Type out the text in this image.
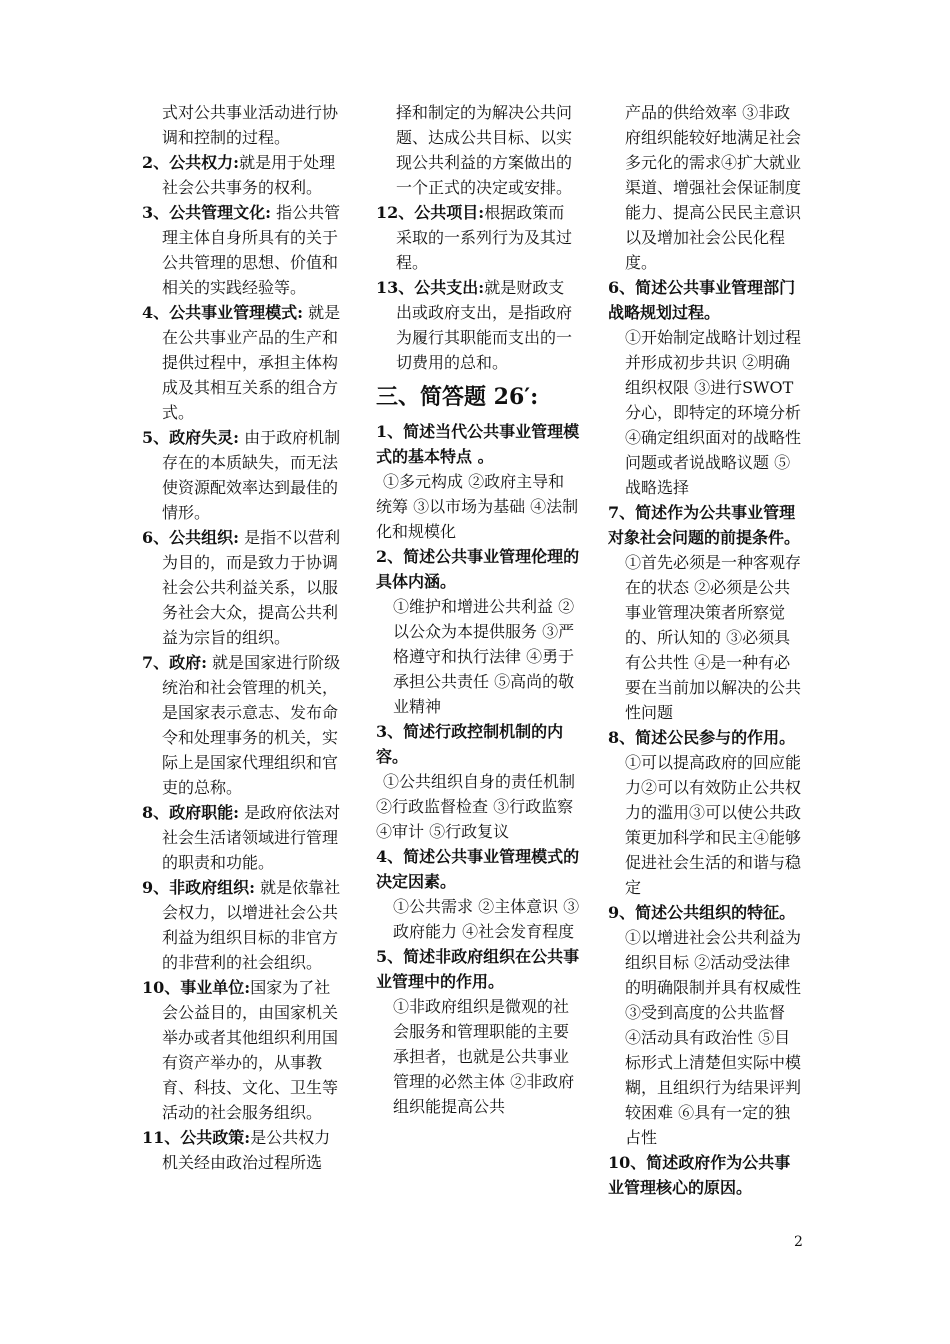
式对公共事业活动进行协调和控制的过程。

2、公共权力:就是用于处理社会公共事务的权利。

3、公共管理文化: 指公共管理主体自身所具有的关于公共管理的思想、价值和相关的实践经验等。

4、公共事业管理模式: 就是在公共事业产品的生产和提供过程中，承担主体构成及其相互关系的组合方式。

5、政府失灵: 由于政府机制存在的本质缺失，而无法使资源配效率达到最佳的情形。

6、公共组织: 是指不以营利为目的，而是致力于协调社会公共利益关系，以服务社会大众，提高公共利益为宗旨的组织。

7、政府: 就是国家进行阶级统治和社会管理的机关，是国家表示意志、发布命令和处理事务的机关，实际上是国家代理组织和官吏的总称。

8、政府职能: 是政府依法对社会生活诸领域进行管理的职责和功能。

9、非政府组织: 就是依靠社会权力，以增进社会公共利益为组织目标的非官方的非营利的社会组织。

10、事业单位:国家为了社会公益目的，由国家机关举办或者其他组织利用国有资产举办的，从事教育、科技、文化、卫生等活动的社会服务组织。

11、公共政策:是公共权力机关经由政治过程所选

择和制定的为解决公共问题、达成公共目标、以实现公共利益的方案做出的一个正式的决定或安排。

12、公共项目:根据政策而采取的一系列行为及其过程。

13、公共支出:就是财政支出或政府支出，是指政府为履行其职能而支出的一切费用的总和。

三、简答题 26′:

1、简述当代公共事业管理模式的基本特点 。

①多元构成 ②政府主导和统筹 ③以市场为基础 ④法制化和规模化

2、简述公共事业管理伦理的具体内涵。

①维护和增进公共利益 ②以公众为本提供服务 ③严格遵守和执行法律 ④勇于承担公共责任 ⑤高尚的敬业精神

3、简述行政控制机制的内容。

①公共组织自身的责任机制 ②行政监督检查 ③行政监察 ④审计 ⑤行政复议

4、简述公共事业管理模式的决定因素。

①公共需求 ②主体意识 ③政府能力 ④社会发育程度

5、简述非政府组织在公共事业管理中的作用。

①非政府组织是微观的社会服务和管理职能的主要承担者，也就是公共事业管理的必然主体 ②非政府组织能提高公共

产品的供给效率 ③非政府组织能较好地满足社会多元化的需求④扩大就业渠道、增强社会保证制度能力、提高公民民主意识以及增加社会公民化程度。

6、简述公共事业管理部门战略规划过程。

①开始制定战略计划过程并形成初步共识 ②明确组织权限 ③进行SWOT分心，即特定的环境分析 ④确定组织面对的战略性问题或者说战略议题 ⑤战略选择

7、简述作为公共事业管理对象社会问题的前提条件。

①首先必须是一种客观存在的状态 ②必须是公共事业管理决策者所察觉的、所认知的 ③必须具有公共性 ④是一种有必要在当前加以解决的公共性问题

8、简述公民参与的作用。

①可以提高政府的回应能力②可以有效防止公共权力的滥用③可以使公共政策更加科学和民主④能够促进社会生活的和谐与稳定

9、简述公共组织的特征。

①以增进社会公共利益为组织目标 ②活动受法律的明确限制并具有权威性 ③受到高度的公共监督 ④活动具有政治性 ⑤目标形式上清楚但实际中模糊，且组织行为结果评判较困难 ⑥具有一定的独占性

10、简述政府作为公共事业管理核心的原因。

2
